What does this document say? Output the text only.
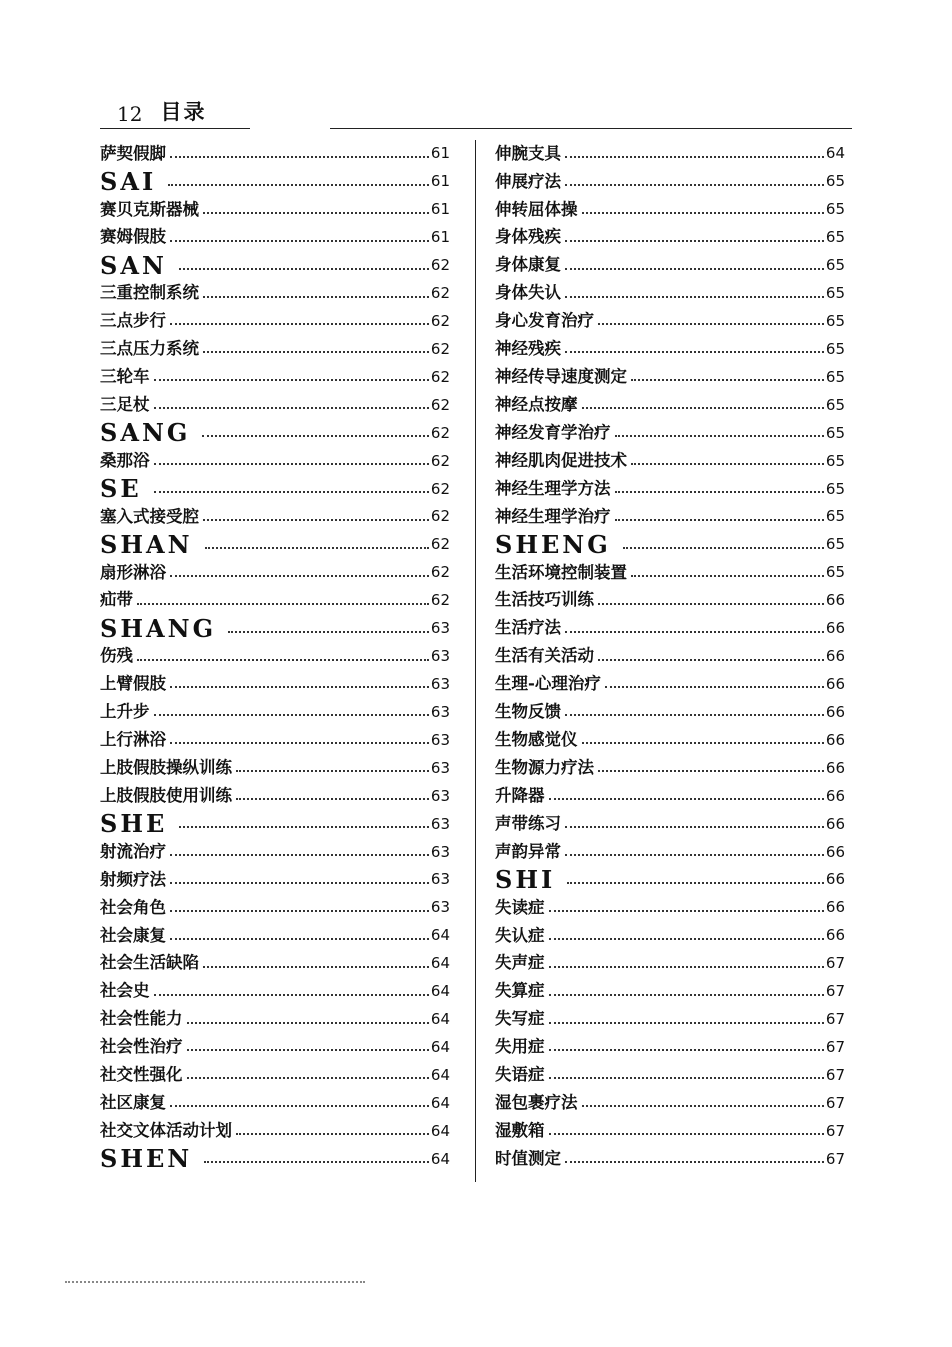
12 目录
萨契假脚	61
SAI	61
赛贝克斯器械	61
赛姆假肢	61
SAN	62
三重控制系统	62
三点步行	62
三点压力系统	62
三轮车	62
三足杖	62
SANG	62
桑那浴	62
SE	62
塞入式接受腔	62
SHAN	62
扇形淋浴	62
疝带	62
SHANG	63
伤残	63
上臂假肢	63
上升步	63
上行淋浴	63
上肢假肢操纵训练	63
上肢假肢使用训练	63
SHE	63
射流治疗	63
射频疗法	63
社会角色	63
社会康复	64
社会生活缺陷	64
社会史	64
社会性能力	64
社会性治疗	64
社交性强化	64
社区康复	64
社交文体活动计划	64
SHEN	64
伸腕支具	64
伸展疗法	65
伸转屈体操	65
身体残疾	65
身体康复	65
身体失认	65
身心发育治疗	65
神经残疾	65
神经传导速度测定	65
神经点按摩	65
神经发育学治疗	65
神经肌肉促进技术	65
神经生理学方法	65
神经生理学治疗	65
SHENG	65
生活环境控制装置	65
生活技巧训练	66
生活疗法	66
生活有关活动	66
生理-心理治疗	66
生物反馈	66
生物感觉仪	66
生物源力疗法	66
升降器	66
声带练习	66
声韵异常	66
SHI	66
失读症	66
失认症	66
失声症	67
失算症	67
失写症	67
失用症	67
失语症	67
湿包裹疗法	67
湿敷箱	67
时值测定	67
